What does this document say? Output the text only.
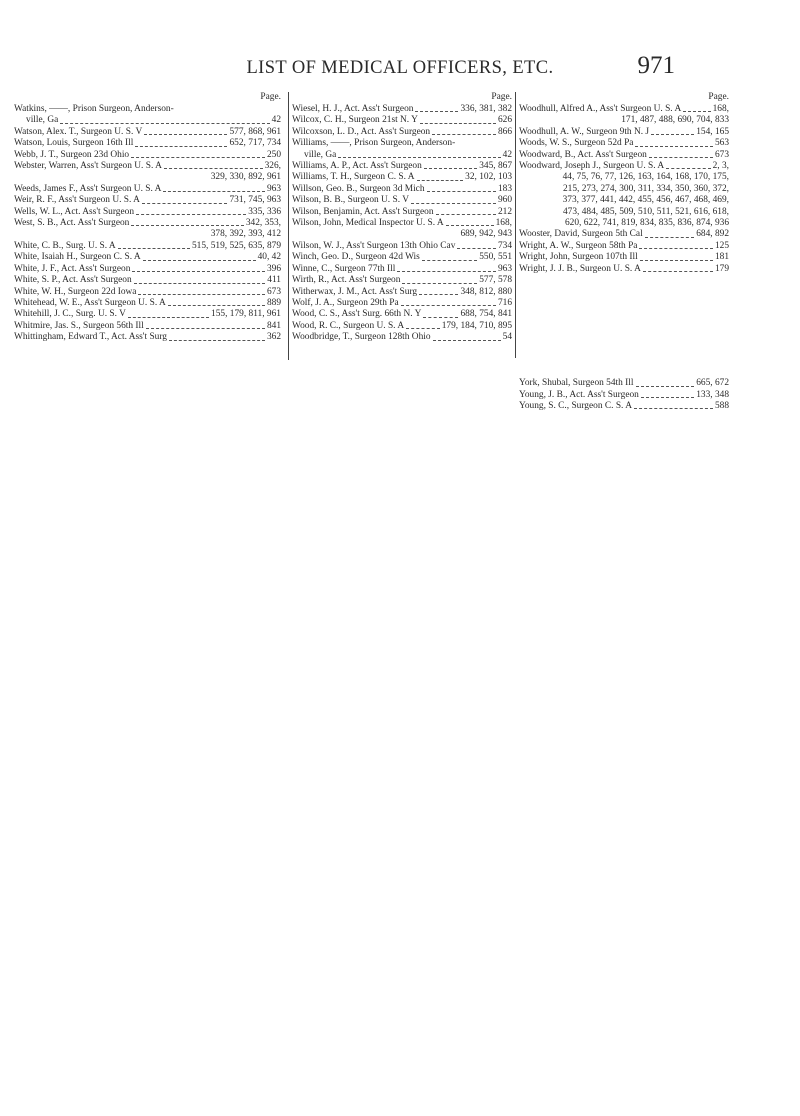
LIST OF MEDICAL OFFICERS, ETC.	971
Page.
Watkins, ——, Prison Surgeon, Anderson-
ville, Ga	42
Watson, Alex. T., Surgeon U. S. V	577, 868, 961
Watson, Louis, Surgeon 16th Ill	652, 717, 734
Webb, J. T., Surgeon 23d Ohio	250
Webster, Warren, Ass't Surgeon U. S. A	326,
329, 330, 892, 961
Weeds, James F., Ass't Surgeon U. S. A	963
Weir, R. F., Ass't Surgeon U. S. A	731, 745, 963
Wells, W. L., Act. Ass't Surgeon	335, 336
West, S. B., Act. Ass't Surgeon	342, 353,
378, 392, 393, 412
White, C. B., Surg. U. S. A	515, 519, 525, 635, 879
White, Isaiah H., Surgeon C. S. A	40, 42
White, J. F., Act. Ass't Surgeon	396
White, S. P., Act. Ass't Surgeon	411
White, W. H., Surgeon 22d Iowa	673
Whitehead, W. E., Ass't Surgeon U. S. A	889
Whitehill, J. C., Surg. U. S. V	155, 179, 811, 961
Whitmire, Jas. S., Surgeon 56th Ill	841
Whittingham, Edward T., Act. Ass't Surg	362
Page.
Wiesel, H. J., Act. Ass't Surgeon	336, 381, 382
Wilcox, C. H., Surgeon 21st N. Y	626
Wilcoxson, L. D., Act. Ass't Surgeon	866
Williams, ——, Prison Surgeon, Anderson-
ville, Ga	42
Williams, A. P., Act. Ass't Surgeon	345, 867
Williams, T. H., Surgeon C. S. A	32, 102, 103
Willson, Geo. B., Surgeon 3d Mich	183
Wilson, B. B., Surgeon U. S. V	960
Wilson, Benjamin, Act. Ass't Surgeon	212
Wilson, John, Medical Inspector U. S. A	168,
689, 942, 943
Wilson, W. J., Ass't Surgeon 13th Ohio Cav	734
Winch, Geo. D., Surgeon 42d Wis	550, 551
Winne, C., Surgeon 77th Ill	963
Wirth, R., Act. Ass't Surgeon	577, 578
Witherwax, J. M., Act. Ass't Surg	348, 812, 880
Wolf, J. A., Surgeon 29th Pa	716
Wood, C. S., Ass't Surg. 66th N. Y	688, 754, 841
Wood, R. C., Surgeon U. S. A	179, 184, 710, 895
Woodbridge, T., Surgeon 128th Ohio	54
Page.
Woodhull, Alfred A., Ass't Surgeon U. S. A	168,
171, 487, 488, 690, 704, 833
Woodhull, A. W., Surgeon 9th N. J	154, 165
Woods, W. S., Surgeon 52d Pa	563
Woodward, B., Act. Ass't Surgeon	673
Woodward, Joseph J., Surgeon U. S. A	2, 3,
44, 75, 76, 77, 126, 163, 164, 168, 170, 175,
215, 273, 274, 300, 311, 334, 350, 360, 372,
373, 377, 441, 442, 455, 456, 467, 468, 469,
473, 484, 485, 509, 510, 511, 521, 616, 618,
620, 622, 741, 819, 834, 835, 836, 874, 936
Wooster, David, Surgeon 5th Cal	684, 892
Wright, A. W., Surgeon 58th Pa	125
Wright, John, Surgeon 107th Ill	181
Wright, J. J. B., Surgeon U. S. A	179
York, Shubal, Surgeon 54th Ill	665, 672
Young, J. B., Act. Ass't Surgeon	133, 348
Young, S. C., Surgeon C. S. A	588
